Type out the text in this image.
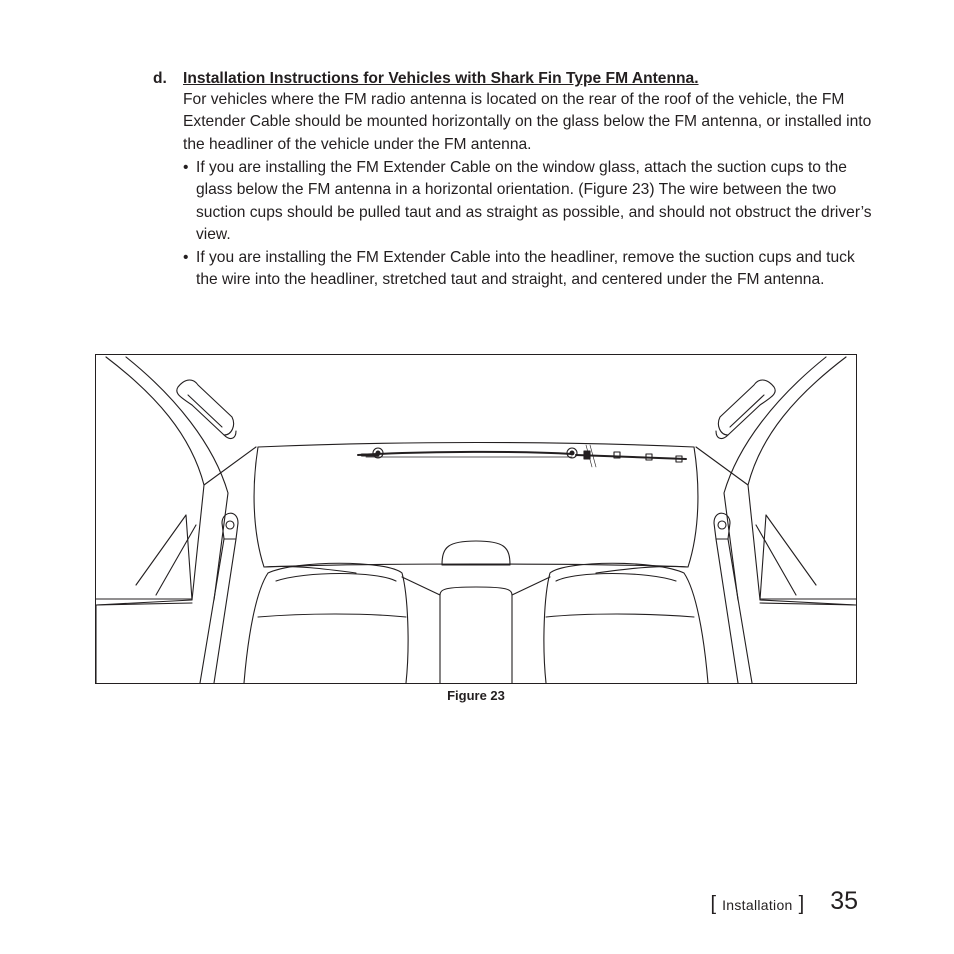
d. Installation Instructions for Vehicles with Shark Fin Type FM Antenna.

For vehicles where the FM radio antenna is located on the rear of the roof of the vehicle, the FM Extender Cable should be mounted horizontally on the glass below the FM antenna, or installed into the headliner of the vehicle under the FM antenna.

• If you are installing the FM Extender Cable on the window glass, attach the suction cups to the glass below the FM antenna in a horizontal orientation. (Figure 23) The wire between the two suction cups should be pulled taut and as straight as possible, and should not obstruct the driver’s view.
• If you are installing the FM Extender Cable into the headliner, remove the suction cups and tuck the wire into the headliner, stretched taut and straight, and centered under the FM antenna.
Figure 23
[ Installation ] 35
